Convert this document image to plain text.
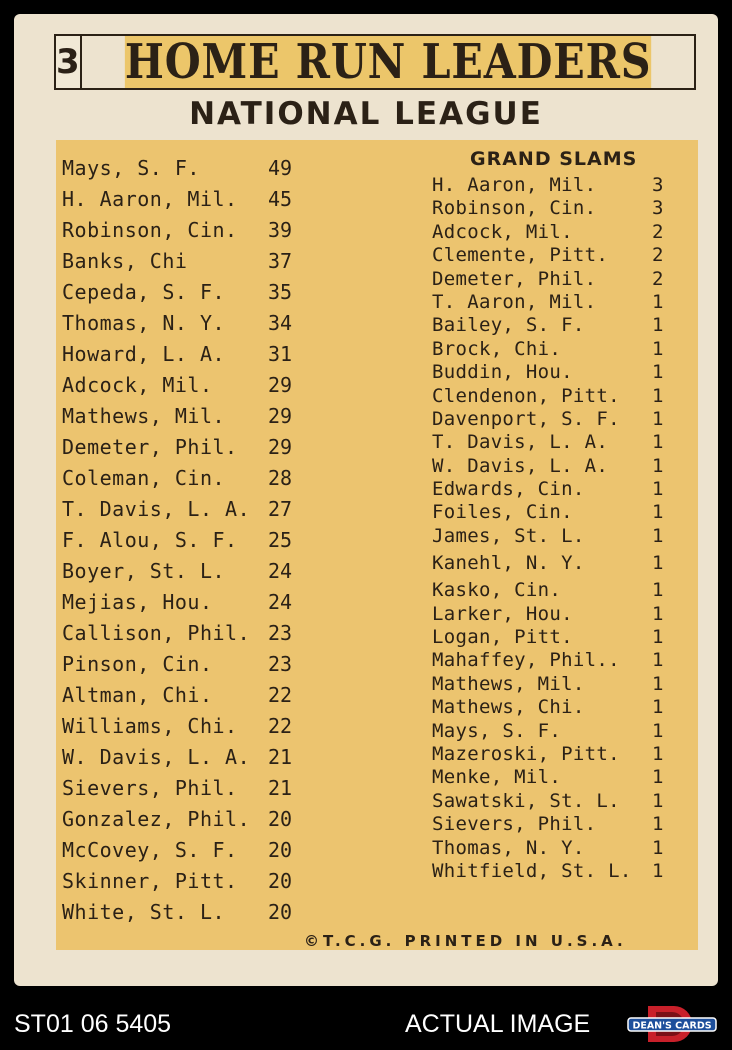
3 HOME RUN LEADERS
NATIONAL LEAGUE
Mays, S. F.	49
H. Aaron, Mil. 45
Robinson, Cin. 39
Banks, Chi	37
Cepeda, S. F. 35
Thomas, N. Y. 34
Howard, L. A. 31
Adcock, Mil.	29
Mathews, Mil. 29
Demeter, Phil. 29
Coleman, Cin. 28
T. Davis, L. A. 27
F. Alou, S. F. 25
Boyer, St. L. 24
Mejias, Hou.	24
Callison, Phil. 23
Pinson, Cin.	23
Altman, Chi.	22
Williams, Chi. 22
W. Davis, L. A. 21
Sievers, Phil. 21
Gonzalez, Phil. 20
McCovey, S. F. 20
Skinner, Pitt. 20
White, St. L. 20
GRAND SLAMS
H. Aaron, Mil.	3
Robinson, Cin.	3
Adcock, Mil.	2
Clemente, Pitt. 2
Demeter, Phil.	2
T. Aaron, Mil.	1
Bailey, S. F.	1
Brock, Chi.	1
Buddin, Hou.	1
Clendenon, Pitt. 1
Davenport, S. F. 1
T. Davis, L. A. 1
W. Davis, L. A. 1
Edwards, Cin.	1
Foiles, Cin.	1
James, St. L.	1
Kanehl, N. Y.	1
Kasko, Cin.	1
Larker, Hou.	1
Logan, Pitt.	1
Mahaffey, Phil.. 1
Mathews, Mil.	1
Mathews, Chi.	1
Mays, S. F.	1
Mazeroski, Pitt. 1
Menke, Mil.	1
Sawatski, St. L. 1
Sievers, Phil.	1
Thomas, N. Y.	1
Whitfield, St. L. 1
©T.C.G. PRINTED IN U.S.A.
ST01 06 5405	ACTUAL IMAGE	DEAN'S CARDS
